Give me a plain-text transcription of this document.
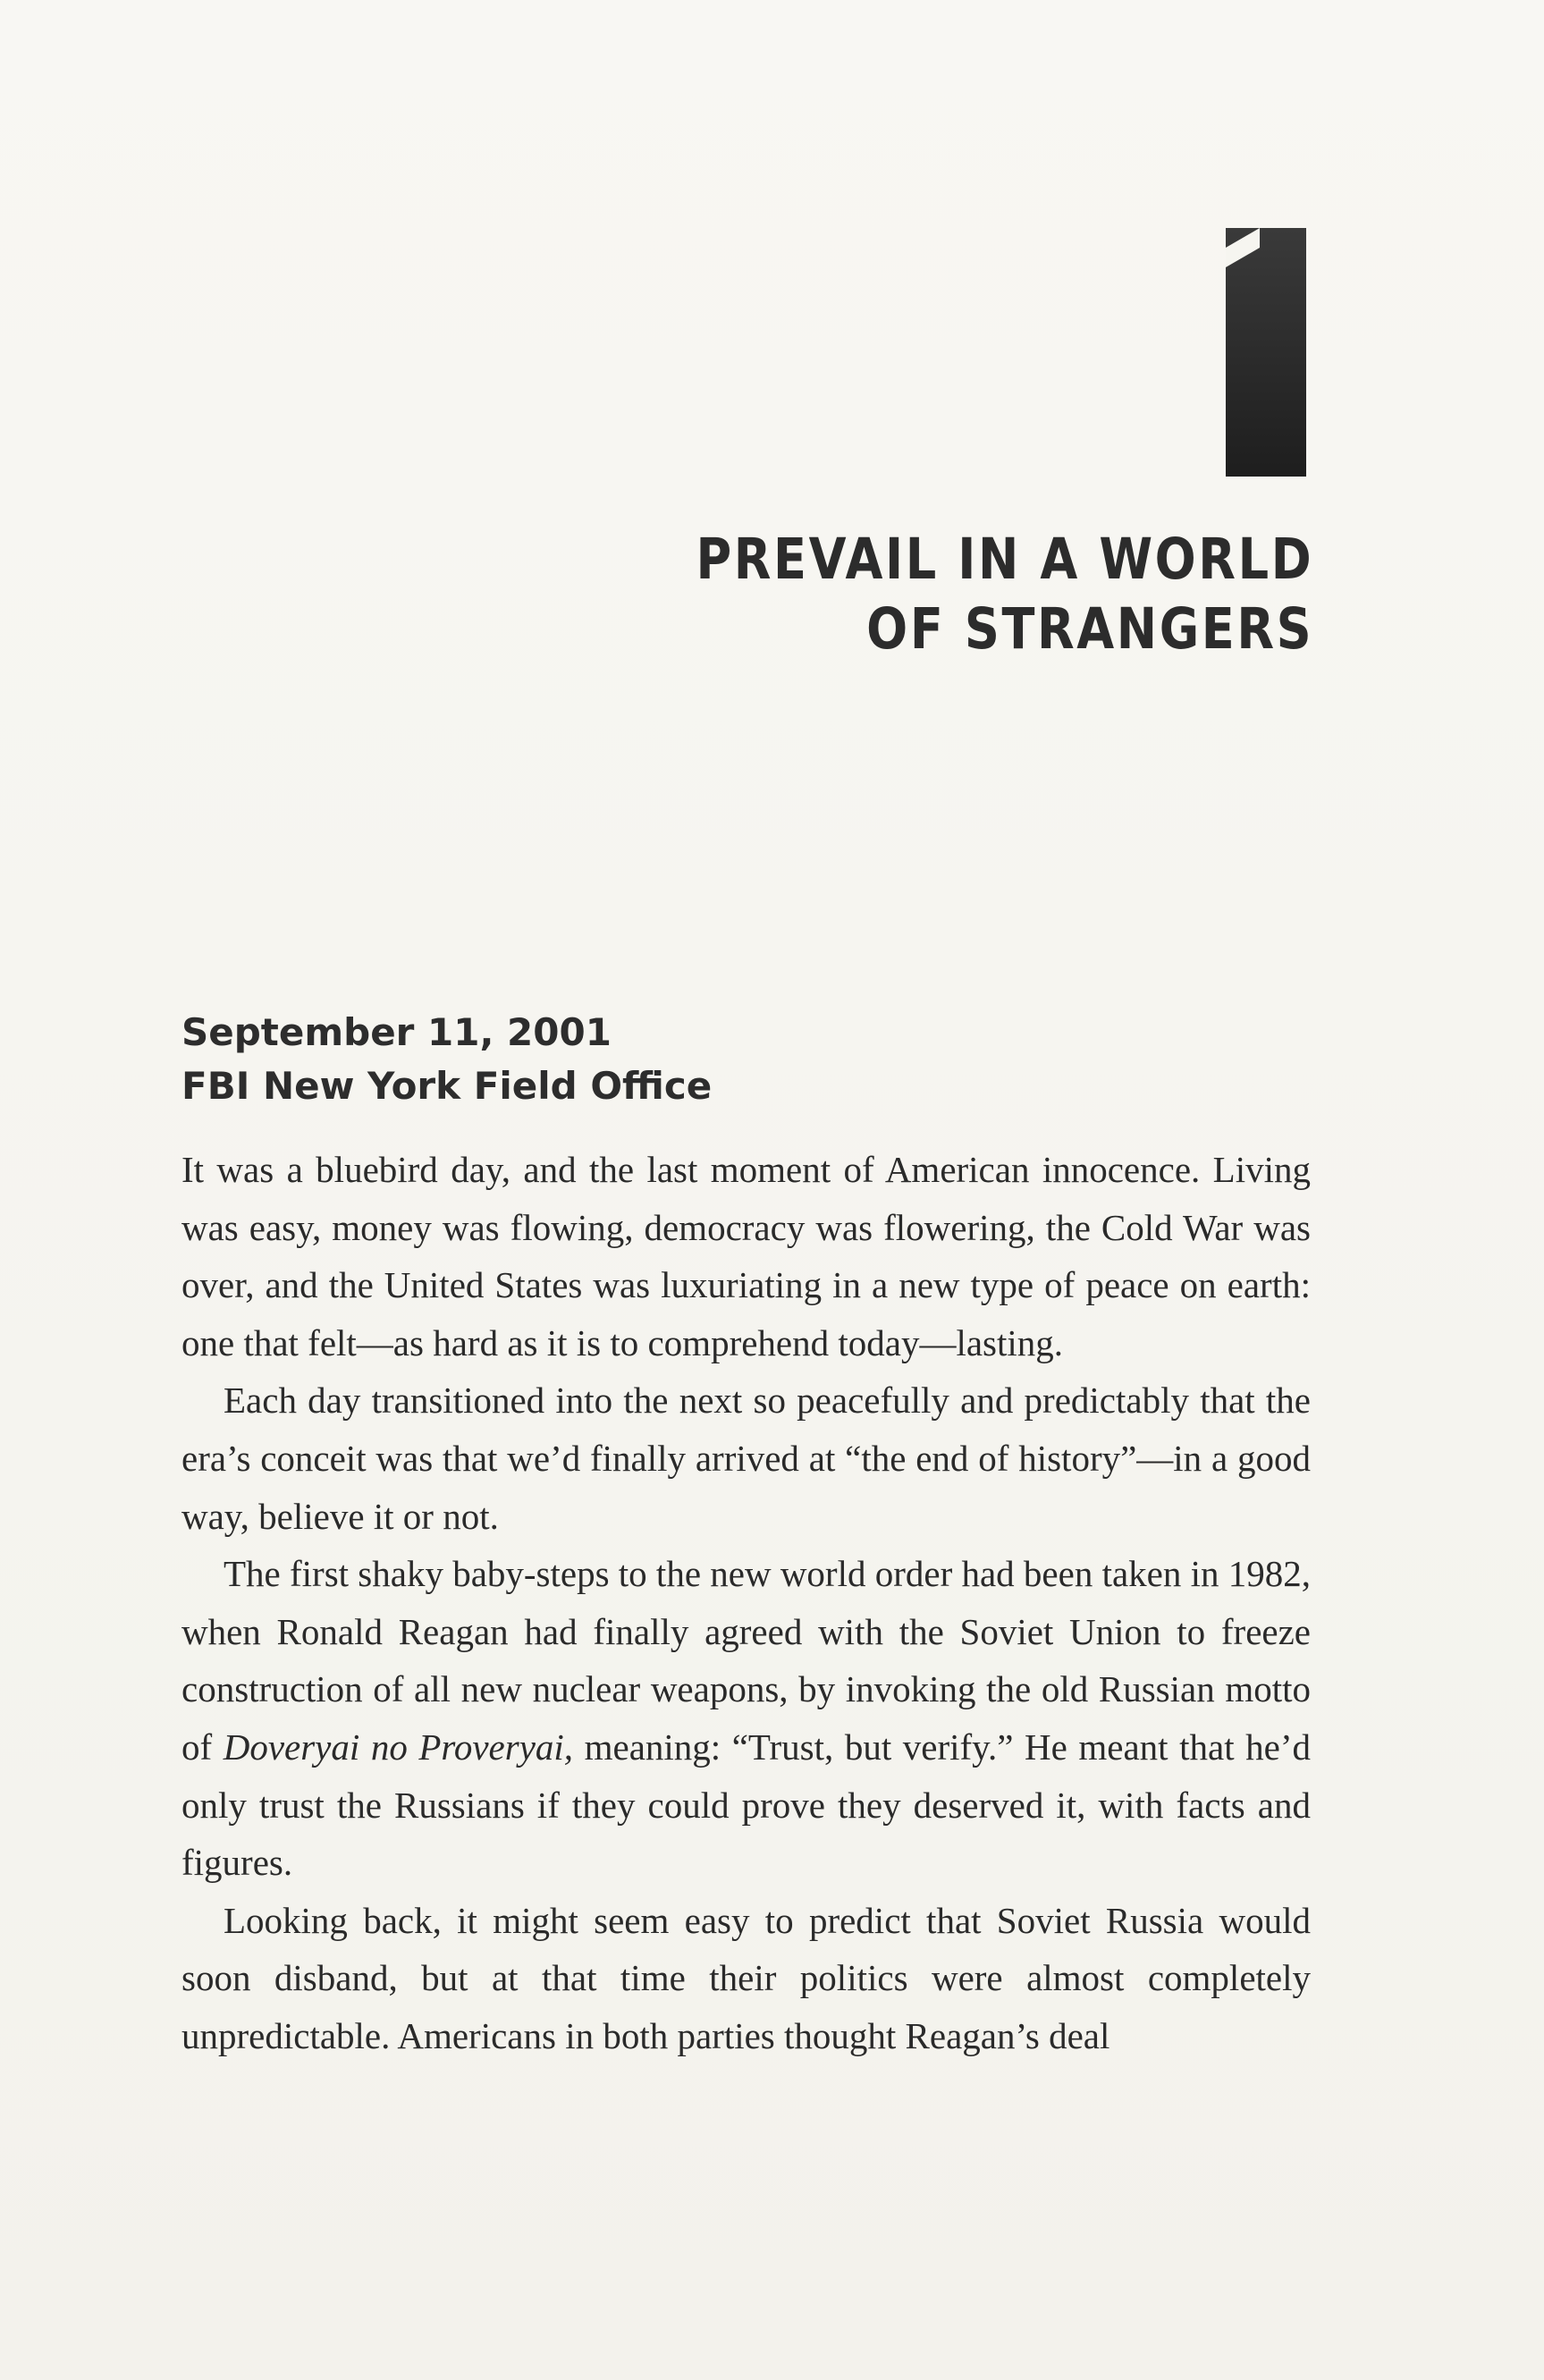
PREVAIL IN A WORLD
OF STRANGERS
September 11, 2001
FBI New York Field Office

It was a bluebird day, and the last moment of American innocence. Living was easy, money was flowing, democracy was flowering, the Cold War was over, and the United States was luxuriating in a new type of peace on earth: one that felt—as hard as it is to comprehend today—lasting.

Each day transitioned into the next so peacefully and predictably that the era’s conceit was that we’d finally arrived at “the end of history”—in a good way, believe it or not.

The first shaky baby-steps to the new world order had been taken in 1982, when Ronald Reagan had finally agreed with the Soviet Union to freeze construction of all new nuclear weapons, by invoking the old Russian motto of Doveryai no Proveryai, meaning: “Trust, but verify.” He meant that he’d only trust the Russians if they could prove they deserved it, with facts and figures.

Looking back, it might seem easy to predict that Soviet Russia would soon disband, but at that time their politics were almost completely unpredictable. Americans in both parties thought Reagan’s deal
